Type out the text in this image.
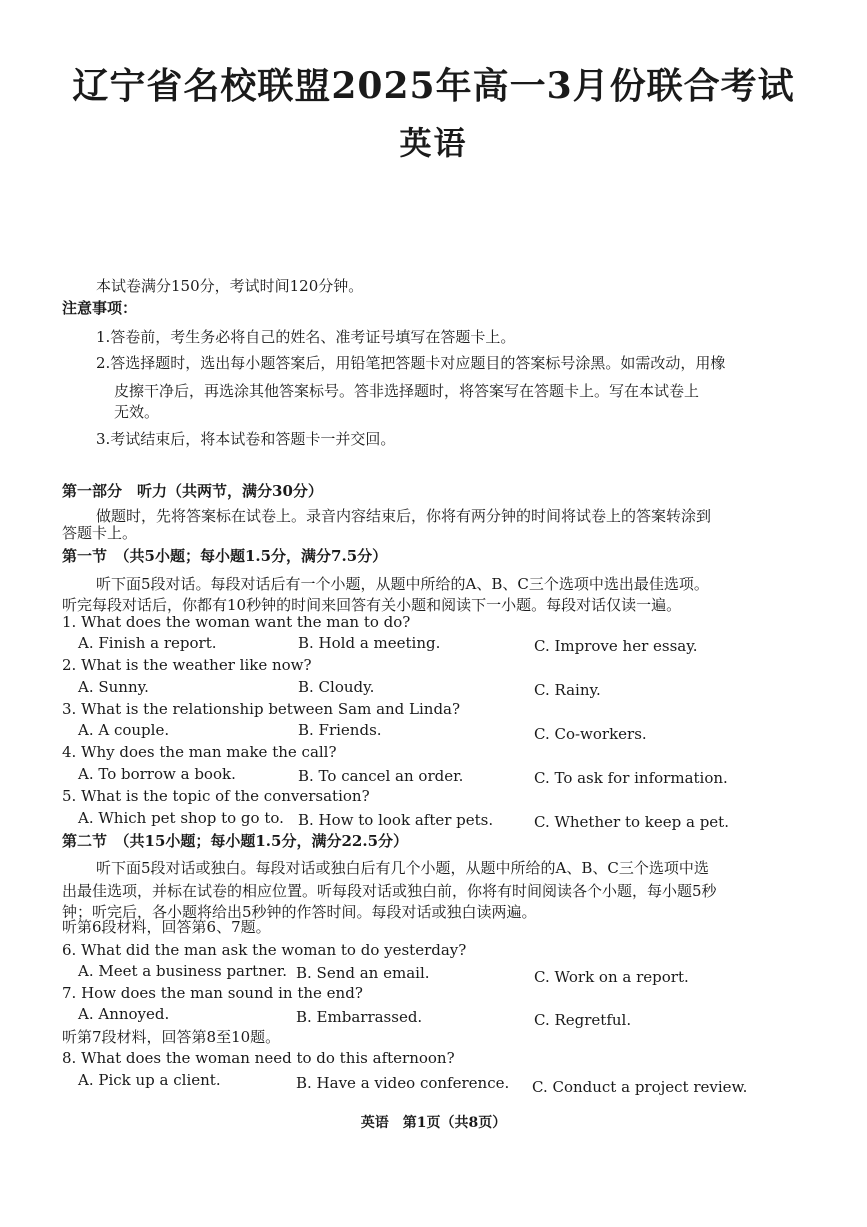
辽宁省名校联盟2025年高一3月份联合考试
英语
本试卷满分150分，考试时间120分钟。
注意事项：
1.答卷前，考生务必将自己的姓名、准考证号填写在答题卡上。
2.答选择题时，选出每小题答案后，用铅笔把答题卡对应题目的答案标号涂黑。如需改动，用橡
皮擦干净后，再选涂其他答案标号。答非选择题时，将答案写在答题卡上。写在本试卷上
无效。
3.考试结束后，将本试卷和答题卡一并交回。
第一部分　听力（共两节，满分30分）
做题时，先将答案标在试卷上。录音内容结束后，你将有两分钟的时间将试卷上的答案转涂到
答题卡上。
第一节　（共5小题；每小题1.5分，满分7.5分）
听下面5段对话。每段对话后有一个小题，从题中所给的A、B、C三个选项中选出最佳选项。
听完每段对话后，你都有10秒钟的时间来回答有关小题和阅读下一小题。每段对话仅读一遍。
1. What does the woman want the man to do?
A. Finish a report.	B. Hold a meeting.	C. Improve her essay.
2. What is the weather like now?
A. Sunny.	B. Cloudy.	C. Rainy.
3. What is the relationship between Sam and Linda?
A. A couple.	B. Friends.	C. Co-workers.
4. Why does the man make the call?
A. To borrow a book.	B. To cancel an order.	C. To ask for information.
5. What is the topic of the conversation?
A. Which pet shop to go to. B. How to look after pets.	C. Whether to keep a pet.
第二节　（共15小题；每小题1.5分，满分22.5分）
听下面5段对话或独白。每段对话或独白后有几个小题，从题中所给的A、B、C三个选项中选
出最佳选项，并标在试卷的相应位置。听每段对话或独白前，你将有时间阅读各个小题，每小题5秒
钟；听完后，各小题将给出5秒钟的作答时间。每段对话或独白读两遍。
听第6段材料，回答第6、7题。
6. What did the man ask the woman to do yesterday?
A. Meet a business partner. B. Send an email.	C. Work on a report.
7. How does the man sound in the end?
A. Annoyed.	B. Embarrassed.	C. Regretful.
听第7段材料，回答第8至10题。
8. What does the woman need to do this afternoon?
A. Pick up a client.	B. Have a video conference. C. Conduct a project review.
英语　第1页（共8页）
